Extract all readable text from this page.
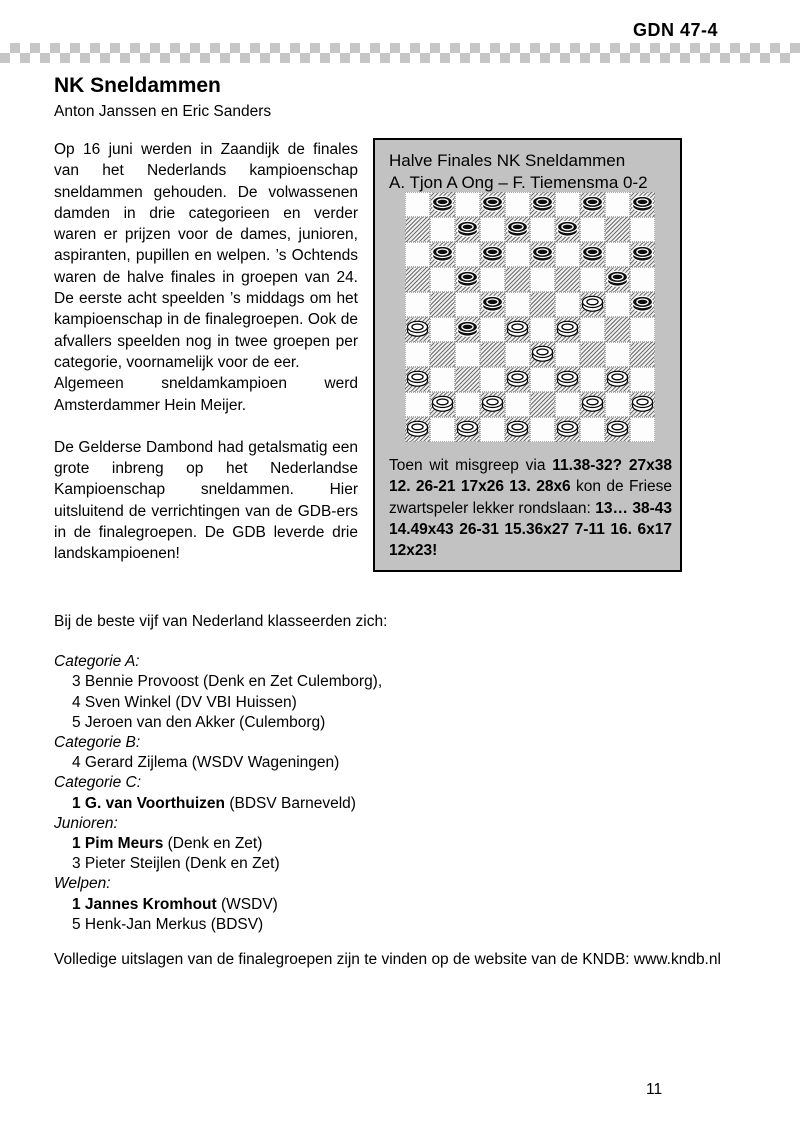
GDN 47-4
NK Sneldammen
Anton Janssen en Eric Sanders

Op 16 juni werden in Zaandijk de finales van het Nederlands kampioenschap sneldammen gehouden. De volwassenen damden in drie categorieen en verder waren er prijzen voor de dames, junioren, aspiranten, pupillen en welpen. ’s Ochtends waren de halve finales in groepen van 24. De eerste acht speelden ’s middags om het kampioenschap in de finalegroepen. Ook de afvallers speelden nog in twee groepen per categorie, voornamelijk voor de eer.

Algemeen sneldamkampioen werd Amsterdammer Hein Meijer.

De Gelderse Dambond had getalsmatig een grote inbreng op het Nederlandse Kampioenschap sneldammen. Hier uitsluitend de verrichtingen van de GDB-ers in de finalegroepen. De GDB leverde drie landskampioenen!

Halve Finales NK Sneldammen
A. Tjon A Ong – F. Tiemensma 0-2
Toen wit misgreep via 11.38-32? 27x38 12. 26-21 17x26 13. 28x6 kon de Friese zwartspeler lekker rondslaan: 13… 38-43 14.49x43 26-31 15.36x27 7-11 16. 6x17 12x23!
Bij de beste vijf van Nederland klasseerden zich:
Categorie A:
3 Bennie Provoost (Denk en Zet Culemborg),
4 Sven Winkel (DV VBI Huissen)
5 Jeroen van den Akker (Culemborg)
Categorie B:
4 Gerard Zijlema (WSDV Wageningen)
Categorie C:
1 G. van Voorthuizen (BDSV Barneveld)
Junioren:
1 Pim Meurs (Denk en Zet)
3 Pieter Steijlen (Denk en Zet)
Welpen:
1 Jannes Kromhout (WSDV)
5 Henk-Jan Merkus (BDSV)
Volledige uitslagen van de finalegroepen zijn te vinden op de website van de KNDB: www.kndb.nl
11
